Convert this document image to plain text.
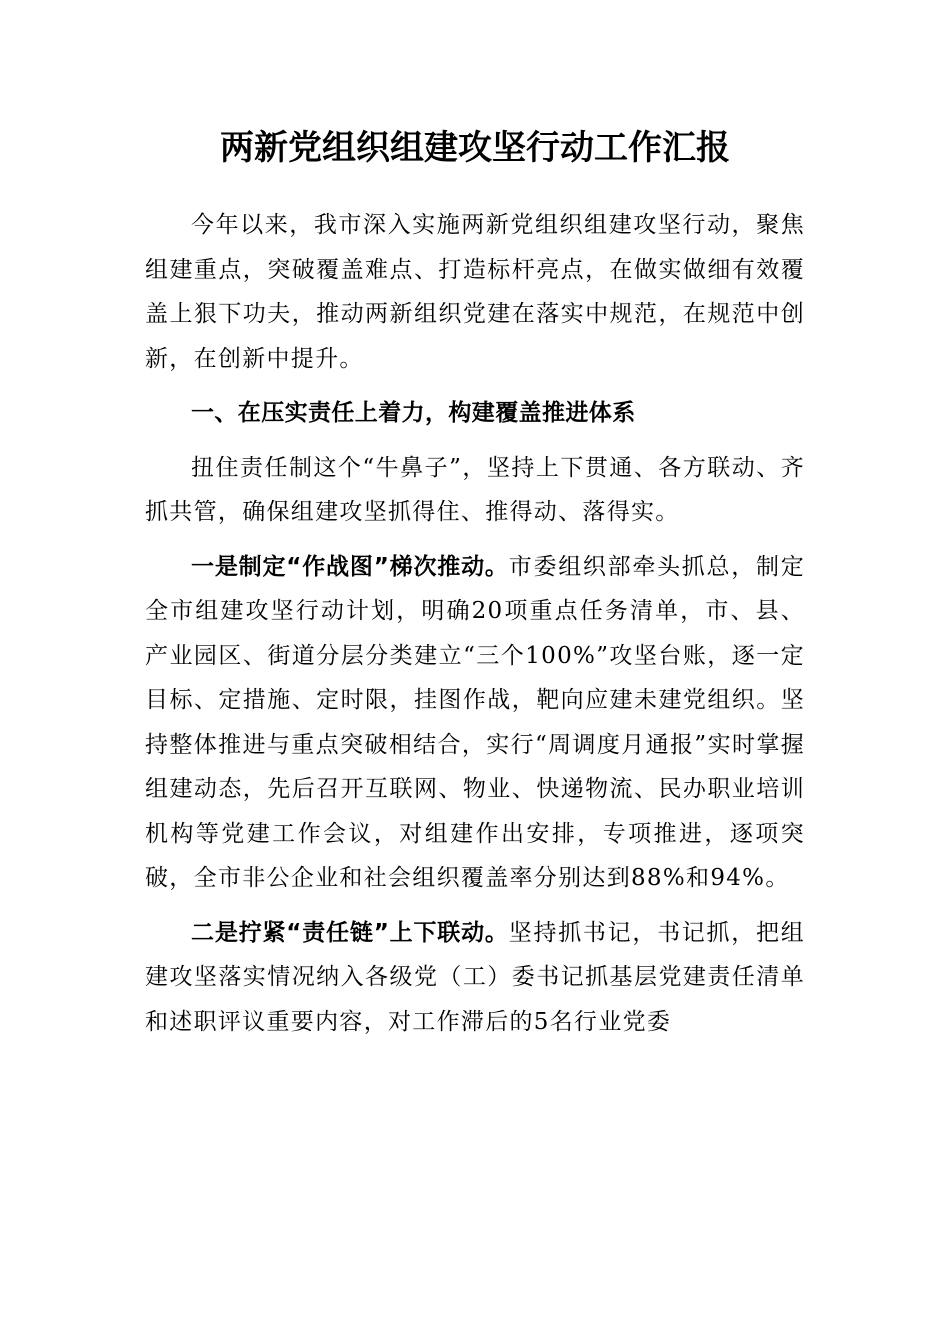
两新党组织组建攻坚行动工作汇报

今年以来，我市深入实施两新党组织组建攻坚行动，聚焦组建重点，突破覆盖难点、打造标杆亮点，在做实做细有效覆盖上狠下功夫，推动两新组织党建在落实中规范，在规范中创新，在创新中提升。

一、在压实责任上着力，构建覆盖推进体系

扭住责任制这个“牛鼻子”，坚持上下贯通、各方联动、齐抓共管，确保组建攻坚抓得住、推得动、落得实。

一是制定“作战图”梯次推动。市委组织部牵头抓总，制定全市组建攻坚行动计划，明确20项重点任务清单，市、县、产业园区、街道分层分类建立“三个100%”攻坚台账，逐一定目标、定措施、定时限，挂图作战，靶向应建未建党组织。坚持整体推进与重点突破相结合，实行“周调度月通报”实时掌握组建动态，先后召开互联网、物业、快递物流、民办职业培训机构等党建工作会议，对组建作出安排，专项推进，逐项突破，全市非公企业和社会组织覆盖率分别达到88%和94%。

二是拧紧“责任链”上下联动。坚持抓书记，书记抓，把组建攻坚落实情况纳入各级党（工）委书记抓基层党建责任清单和述职评议重要内容，对工作滞后的5名行业党委
